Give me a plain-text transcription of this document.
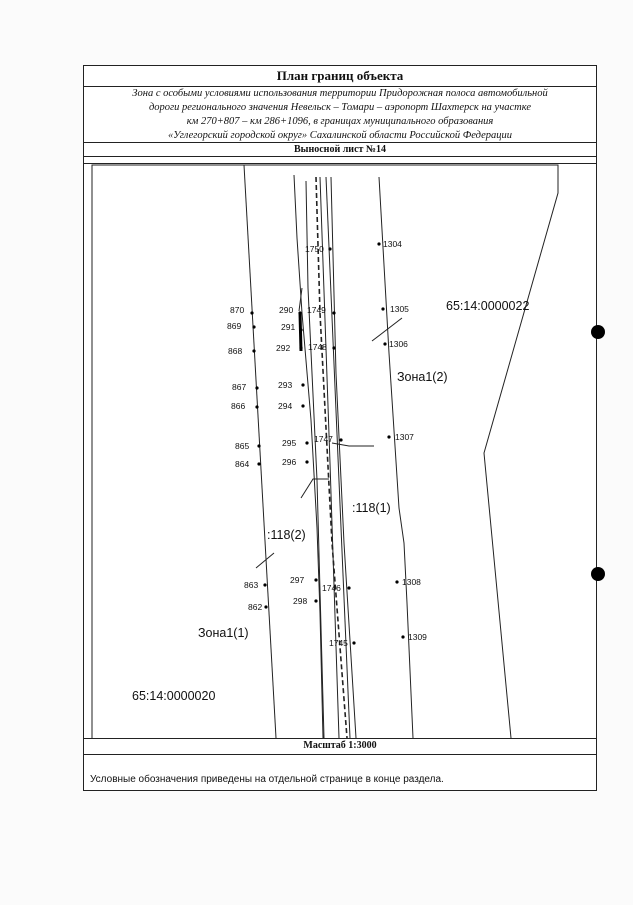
План границ объекта
Зона с особыми условиями использования территории Придорожная полоса автомобильной
дороги регионального значения Невельск – Томари – аэропорт Шахтерск на участке
км 270+807 – км 286+1096, в границах муниципального образования
«Углегорский городской округ» Сахалинской области Российской Федерации
Выносной лист №14
1750	1304
870	290 1749	1305
869	291
1748	1306
868	292
867	293
866	294
295 1747	1307
865
864	296
297
1746
1308
863
862
298
1745
1309
65:14:0000022
65:14:0000020
Зона1(2)
Зона1(1)
:118(1)
:118(2)
Масштаб 1:3000
Условные обозначения приведены на отдельной странице в конце раздела.
